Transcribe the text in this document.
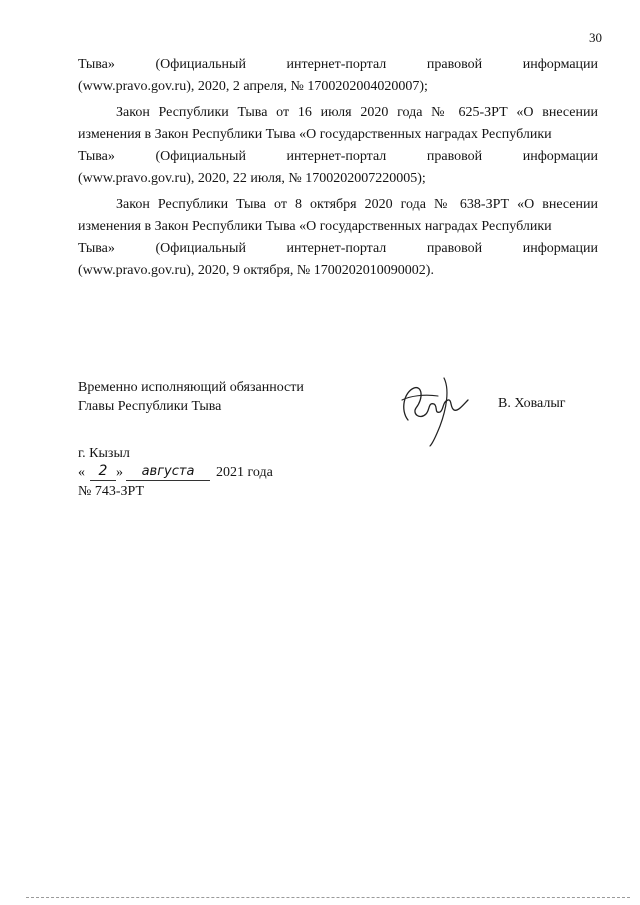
30
Тыва»	(Официальный	интернет-портал	правовой	информации

(www.pravo.gov.ru), 2020, 2 апреля, № 1700202004020007);

Закон Республики Тыва от 16 июля 2020 года № 625-ЗРТ «О внесении изменения в Закон Республики Тыва «О государственных наградах Республики

Тыва»	(Официальный	интернет-портал	правовой	информации

(www.pravo.gov.ru), 2020, 22 июля, № 1700202007220005);

Закон Республики Тыва от 8 октября 2020 года № 638-ЗРТ «О внесении изменения в Закон Республики Тыва «О государственных наградах Республики

Тыва»	(Официальный	интернет-портал	правовой	информации

(www.pravo.gov.ru), 2020, 9 октября, № 1700202010090002).

Временно исполняющий обязанности
Главы Республики Тыва	В. Ховалыг
г. Кызыл
« 2 »	августа	2021 года
№ 743-ЗРТ
